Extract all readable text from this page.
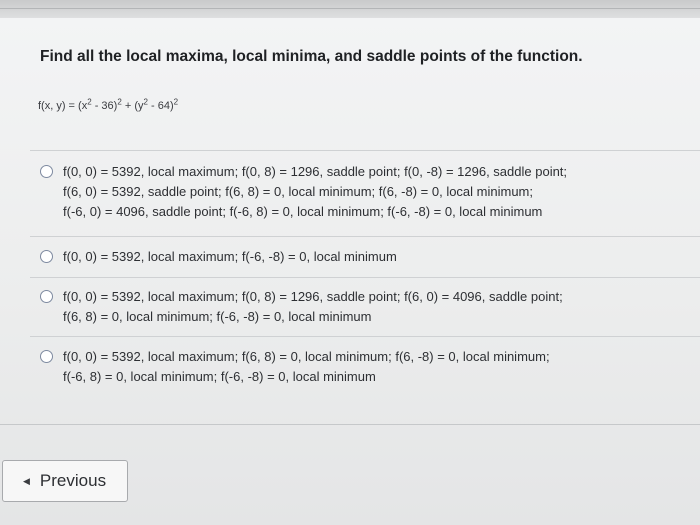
Find all the local maxima, local minima, and saddle points of the function.
f(x, $y) = (x^2 - 36)^2 + (y^2 - 64)^2$
f(0, 0) = 5392, local maximum; f(0, 8) = 1296, saddle point; f(0, -8) = 1296, saddle point;
f(6, 0) = 5392, saddle point; f(6, 8) = 0, local minimum; f(6, -8) = 0, local minimum;
f(-6, 0) = 4096, saddle point; f(-6, 8) = 0, local minimum; f(-6, -8) = 0, local minimum
f(0, 0) = 5392, local maximum; f(-6, -8) = 0, local minimum
f(0, 0) = 5392, local maximum; f(0, 8) = 1296, saddle point; f(6, 0) = 4096, saddle point;
f(6, 8) = 0, local minimum; f(-6, -8) = 0, local minimum
f(0, 0) = 5392, local maximum; f(6, 8) = 0, local minimum; f(6, -8) = 0, local minimum;
f(-6, 8) = 0, local minimum; f(-6, -8) = 0, local minimum
◀ Previous
